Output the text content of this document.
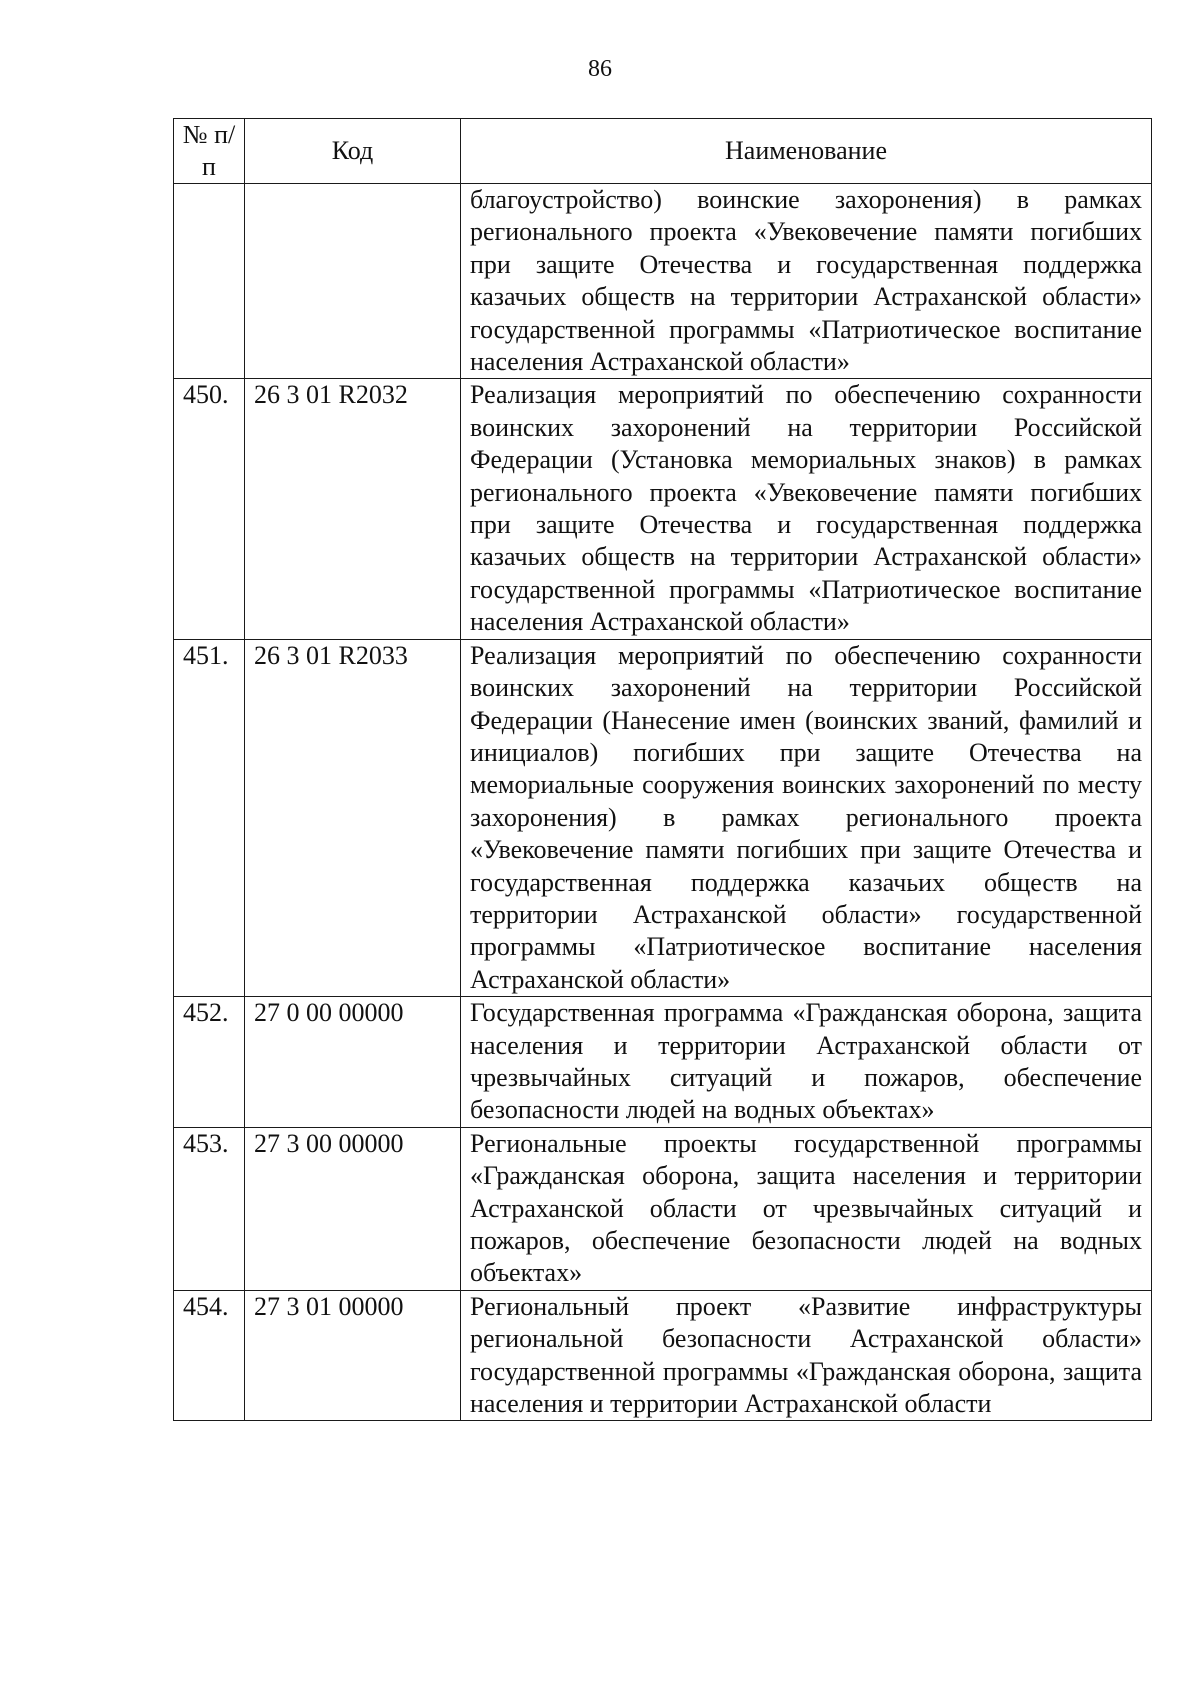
86
№ п/п	Код	Наименование
		благоустройство) воинские захоронения) в рамках регионального проекта «Увековечение памяти погибших при защите Отечества и государственная поддержка казачьих обществ на территории Астраханской области» государственной программы «Патриотическое воспитание населения Астраханской области»
450.	26 3 01 R2032	Реализация мероприятий по обеспечению сохранности воинских захоронений на территории Российской Федерации (Установка мемориальных знаков) в рамках регионального проекта «Увековечение памяти погибших при защите Отечества и государственная поддержка казачьих обществ на территории Астраханской области» государственной программы «Патриотическое воспитание населения Астраханской области»
451.	26 3 01 R2033	Реализация мероприятий по обеспечению сохранности воинских захоронений на территории Российской Федерации (Нанесение имен (воинских званий, фамилий и инициалов) погибших при защите Отечества на мемориальные сооружения воинских захоронений по месту захоронения) в рамках регионального проекта «Увековечение памяти погибших при защите Отечества и государственная поддержка казачьих обществ на территории Астраханской области» государственной программы «Патриотическое воспитание населения Астраханской области»
452.	27 0 00 00000	Государственная программа «Гражданская оборона, защита населения и территории Астраханской области от чрезвычайных ситуаций и пожаров, обеспечение безопасности людей на водных объектах»
453.	27 3 00 00000	Региональные проекты государственной программы «Гражданская оборона, защита населения и территории Астраханской области от чрезвычайных ситуаций и пожаров, обеспечение безопасности людей на водных объектах»
454.	27 3 01 00000	Региональный проект «Развитие инфраструктуры региональной безопасности Астраханской области» государственной программы «Гражданская оборона, защита населения и территории Астраханской области
